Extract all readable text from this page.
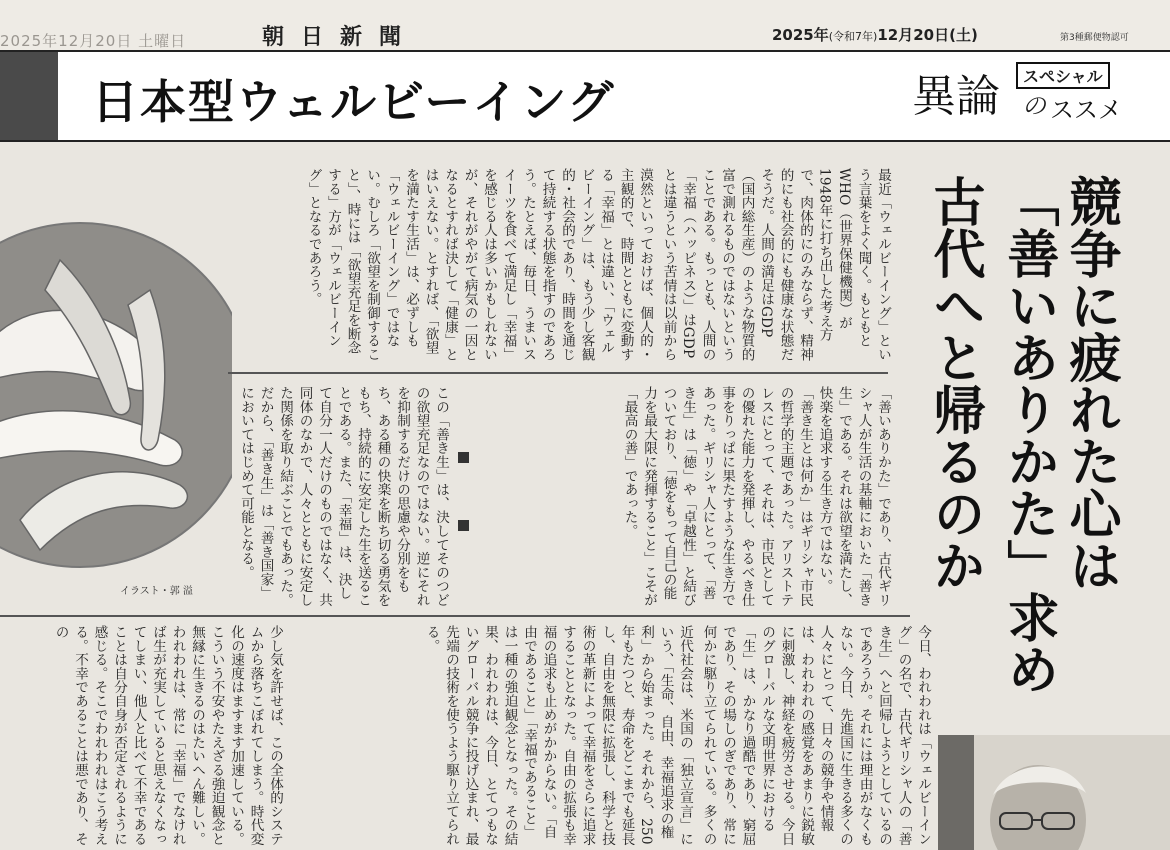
2025年12月20日 土曜日	朝日新聞	2025年(令和7年)12月20日(土)	第3種郵便物認可
日本型ウェルビーイング	異論 の ススメ
スペシャル
イラスト・郭 溢
競争に疲れた心は
「善いありかた」求め
古代へと帰るのか
最近「ウェルビーイング」という言葉をよく聞く。もともとWHO（世界保健機関）が1948年に打ち出した考え方で、肉体的にのみならず、精神的にも社会的にも健康な状態だそうだ。人間の満足はGDP（国内総生産）のような物質的富で測れるものではないということである。もっとも、人間の「幸福（ハッピネス）」はGDPとは違うという苦情は以前から
漠然といっておけば、個人的・主観的で、時間とともに変動する「幸福」とは違い、「ウェルビーイング」は、もう少し客観的・社会的であり、時間を通じて持続する状態を指すのであろう。たとえば、毎日、うまいスイーツを食べて満足し「幸福」を感じる人は多いかもしれないが、それがやがて病気の一因となるとすれば決して「健康」とはいえない。とすれば、「欲望を満たす生活」は、必ずしも「ウェルビーイング」ではない。むしろ「欲望を制御すること」、時には「欲望充足を断念する」方が「ウェルビーイング」となるであろう。
「善いありかた」であり、古代ギリシャ人が生活の基軸においた「善き生」である。それは欲望を満たし、快楽を追求する生き方ではない。「善き生とは何か」はギリシャ市民の哲学的主題であった。アリストテレスにとって、それは、市民としての優れた能力を発揮し、やるべき仕事をりっぱに果たすような生き方であった。ギリシャ人にとって、「善き生」は「徳」や「卓越性」と結びついており、「徳をもって自己の能力を最大限に発揮すること」こそが「最高の善」であった。
この「善き生」は、決してそのつどの欲望充足なのではない。逆にそれを抑制するだけの思慮や分別をもち、ある種の快楽を断ち切る勇気をもち、持続的に安定した生を送ることである。また、「幸福」は、決して自分一人だけのものではなく、共同体のなかで、人々とともに安定した関係を取り結ぶことでもあった。だから、「善き生」は「善き国家」においてはじめて可能となる。
今日、われわれは「ウェルビーイング」の名で、古代ギリシャ人の「善き生」へと回帰しようとしているのであろうか。それには理由がなくもない。今日、先進国に生きる多くの人々にとって、日々の競争や情報は、われわれの感覚をあまりに鋭敏に刺激し、神経を疲労させる。今日のグローバルな文明世界における「生」は、かなり過酷であり、窮屈であり、その場しのぎであり、常に何かに駆り立てられている。多くの
近代社会は、米国の「独立宣言」にいう、「生命、自由、幸福追求の権利」から始まった。それから、250年もたつと、寿命をどこまでも延長し、自由を無限に拡張し、科学と技術の革新によって幸福をさらに追求することとなった。自由の拡張も幸福の追求も止めがかからない。「自由であること」「幸福であること」は一種の強迫観念となった。その結果、われわれは、今日、とてつもないグローバル競争に投げ込まれ、最先端の技術を使うよう駆り立てられる。
少し気を許せば、この全体的システムから落ちこぼれてしまう。時代変化の速度はますます加速している。こういう不安やたえざる強迫観念と無縁に生きるのはたいへん難しい。われわれは、常に「幸福」でなければ生が充実していると思えなくなってしまい、他人と比べて不幸であることは自分自身が否定されるように感じる。そこでわれわれはこう考える。不幸であることは悪であり、その
